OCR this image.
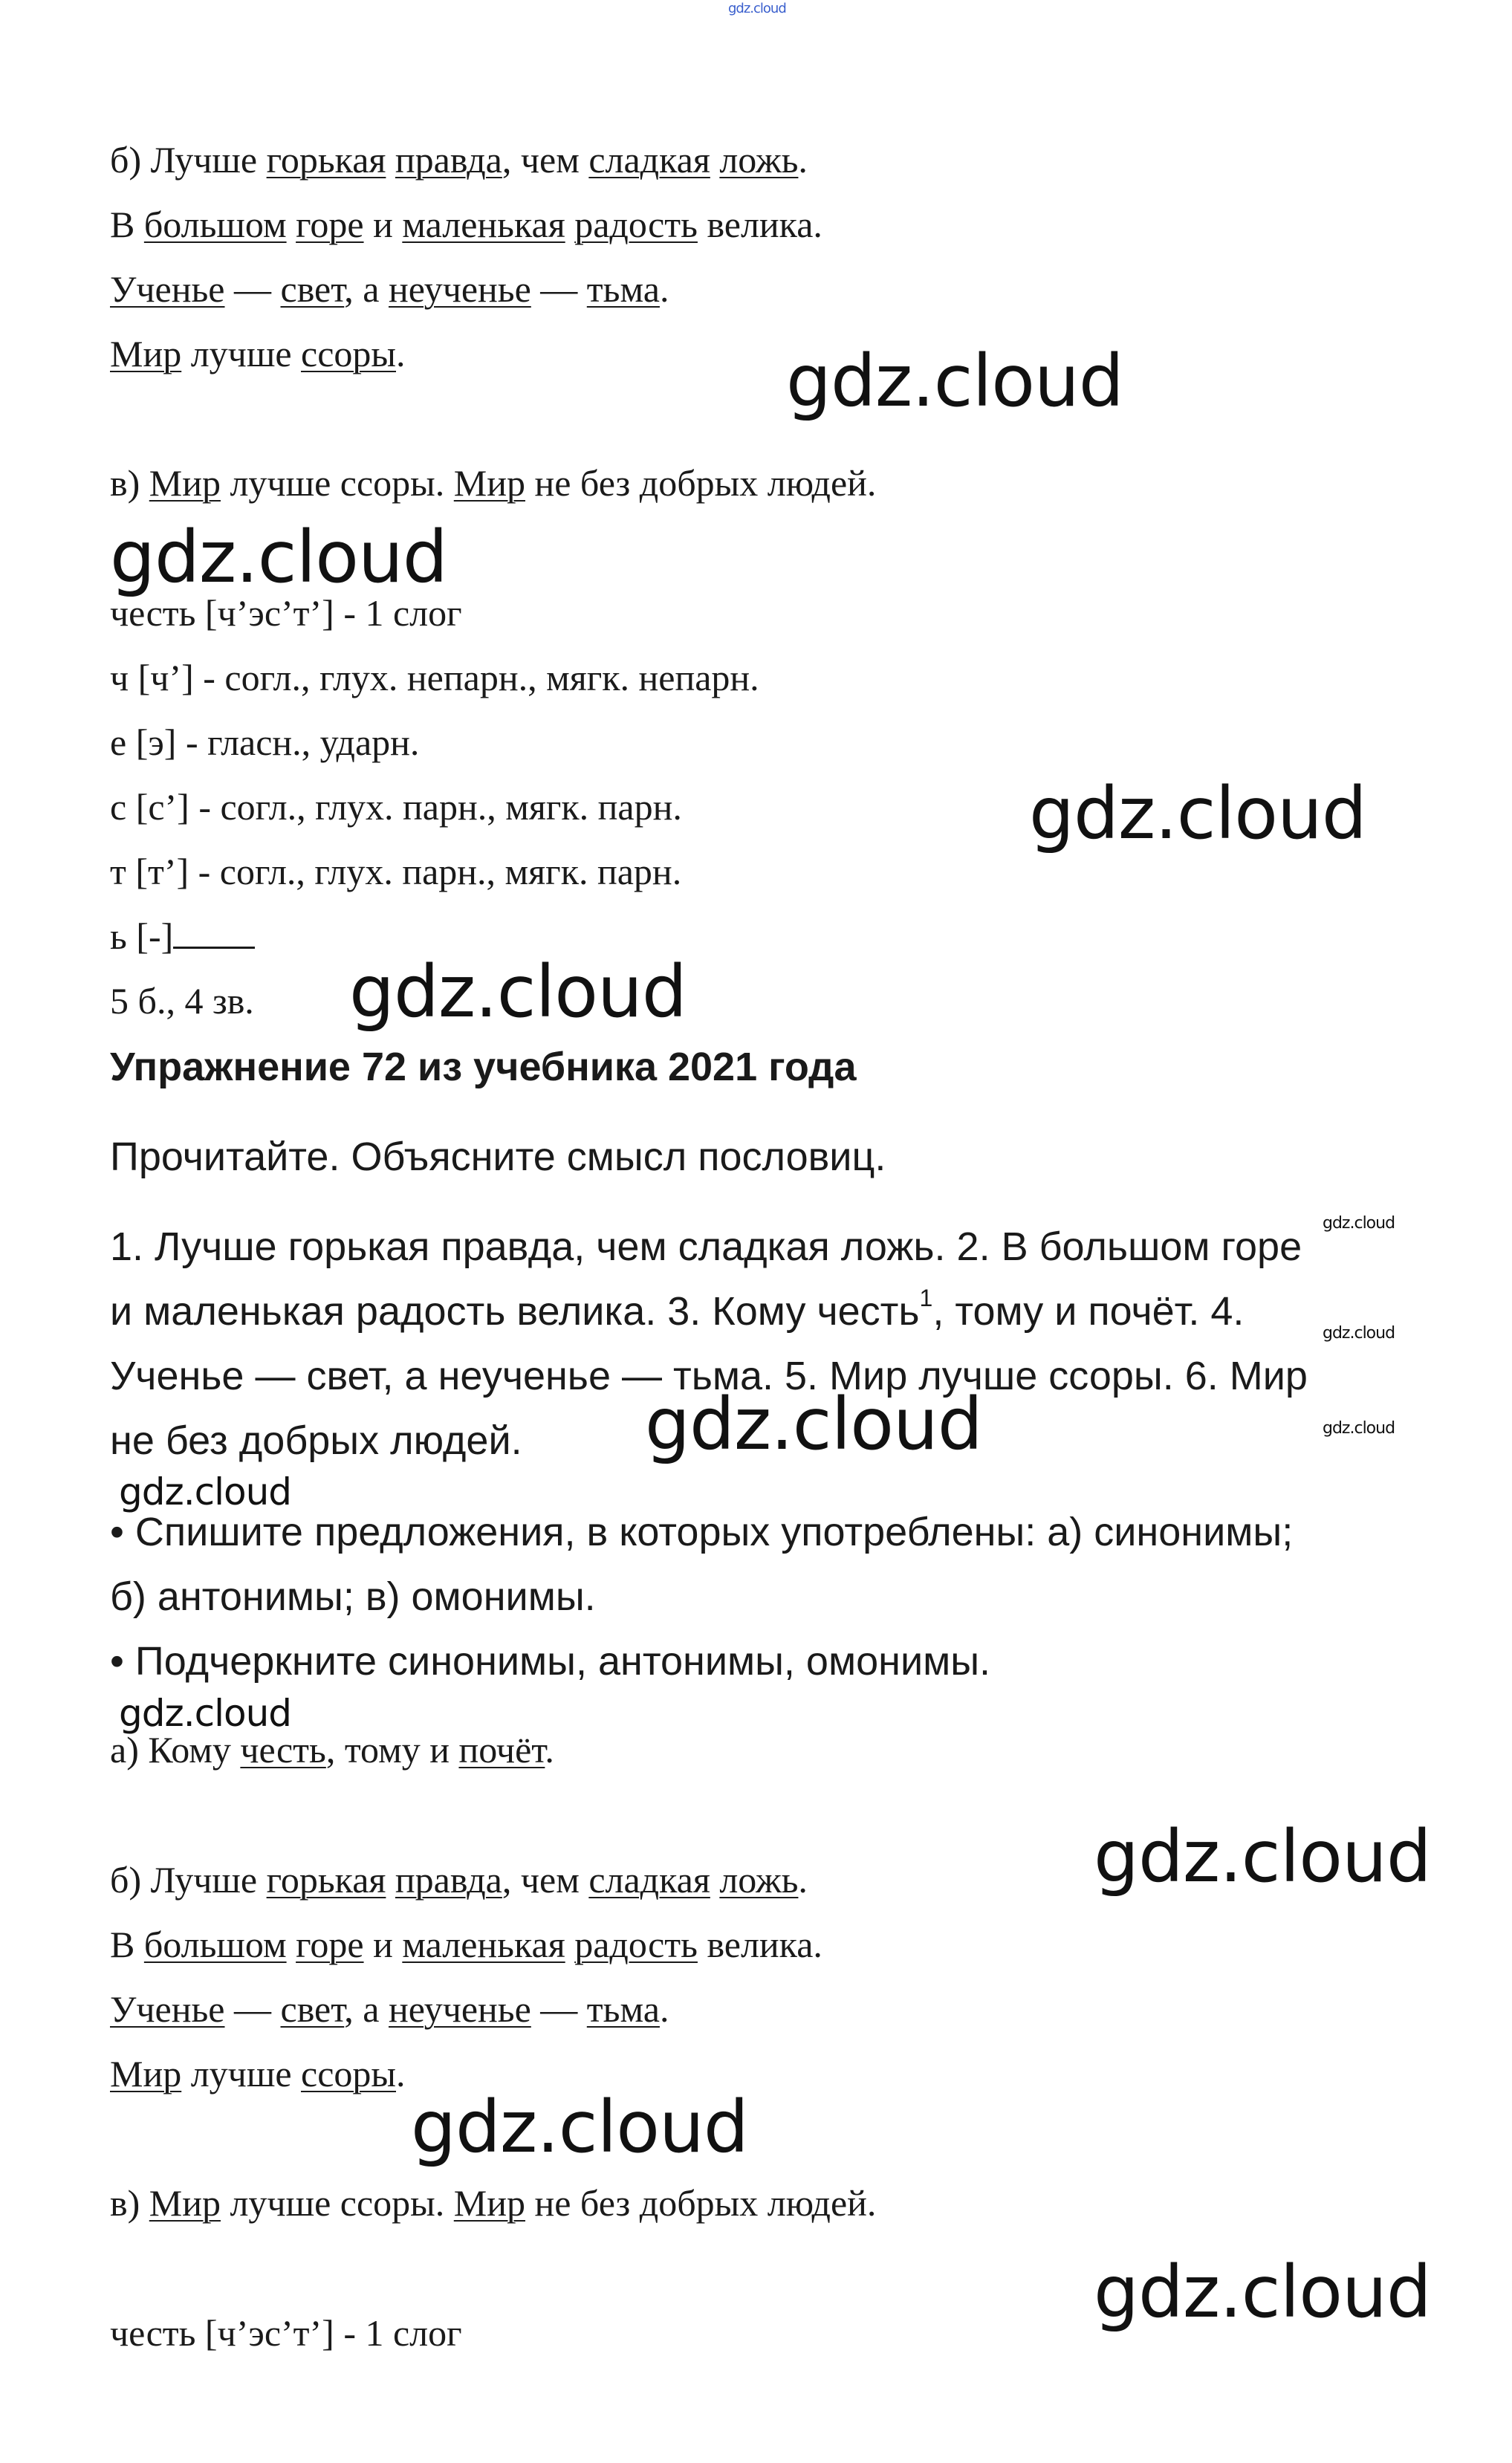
gdz.cloud
б) Лучше горькая правда, чем сладкая ложь.
В большом горе и маленькая радость велика.
Ученье — свет, а неученье — тьма.
Мир лучше ссоры.	gdz.cloud
в) Мир лучше ссоры. Мир не без добрых людей.
gdz.cloud
честь [ч’эс’т’] - 1 слог
ч [ч’] - согл., глух. непарн., мягк. непарн.
е [э] - гласн., ударн.
с [с’] - согл., глух. парн., мягк. парн.	gdz.cloud
т [т’] - согл., глух. парн., мягк. парн.
ь [-]
5 б., 4 зв. gdz.cloud
Упражнение 72 из учебника 2021 года
Прочитайте. Объясните смысл пословиц.
gdz.cloud
1. Лучше горькая правда, чем сладкая ложь. 2. В большом горе
и маленькая радость велика. 3. Кому честь$^1$, тому и почёт. 4.	gdz.cloud
Ученье — свет, а неученье — тьма. 5. Мир лучше ссоры. 6. Мир
не без добрых людей. gdz.cloud	gdz.cloud
gdz.cloud
• Спишите предложения, в которых употреблены: а) синонимы;
б) антонимы; в) омонимы.
• Подчеркните синонимы, антонимы, омонимы.
gdz.cloud
а) Кому честь, тому и почёт.
gdz.cloud
б) Лучше горькая правда, чем сладкая ложь.
В большом горе и маленькая радость велика.
Ученье — свет, а неученье — тьма.
Мир лучше ссоры.
gdz.cloud
в) Мир лучше ссоры. Мир не без добрых людей.
gdz.cloud
честь [ч’эс’т’] - 1 слог
